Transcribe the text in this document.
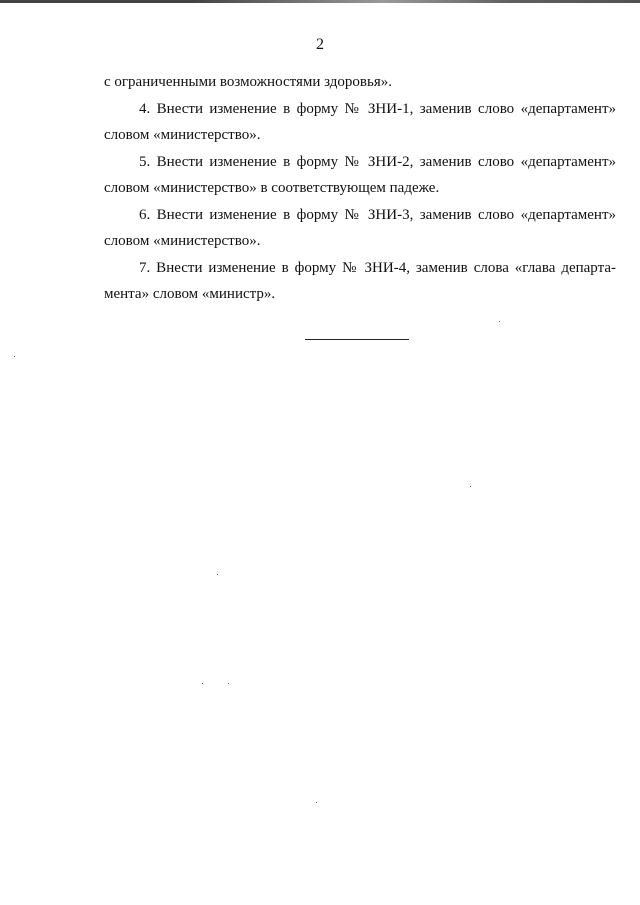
2
с ограниченными возможностями здоровья».
4. Внести изменение в форму № ЗНИ-1, заменив слово «департамент»
словом «министерство».
5. Внести изменение в форму № ЗНИ-2, заменив слово «департамент»
словом «министерство» в соответствующем падеже.
6. Внести изменение в форму № ЗНИ-3, заменив слово «департамент»
словом «министерство».
7. Внести изменение в форму № ЗНИ-4, заменив слова «глава департа-
мента» словом «министр».
